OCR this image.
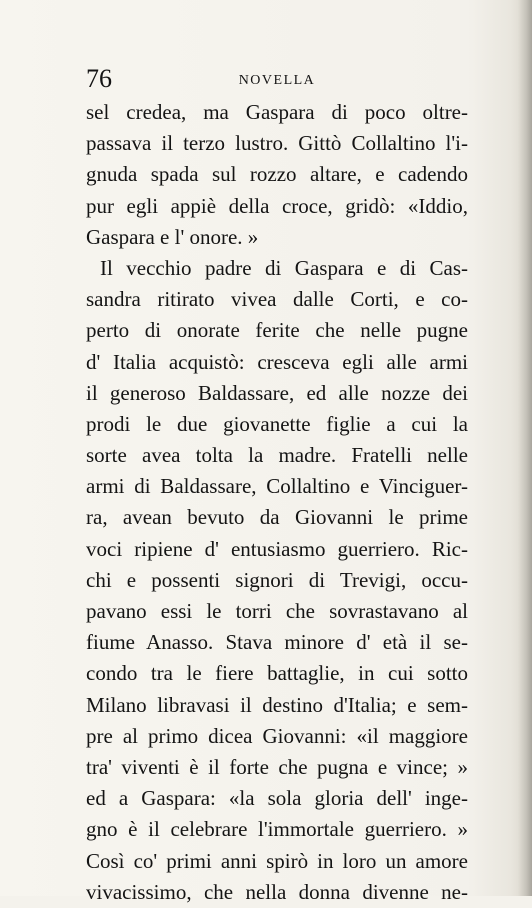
76	NOVELLA
sel credea, ma Gaspara di poco oltre-
passava il terzo lustro. Gittò Collaltino l'i-
gnuda spada sul rozzo altare, e cadendo
pur egli appiè della croce, gridò: «Iddio,
Gaspara e l' onore. »
Il vecchio padre di Gaspara e di Cas-
sandra ritirato vivea dalle Corti, e co-
perto di onorate ferite che nelle pugne
d' Italia acquistò: cresceva egli alle armi
il generoso Baldassare, ed alle nozze dei
prodi le due giovanette figlie a cui la
sorte avea tolta la madre. Fratelli nelle
armi di Baldassare, Collaltino e Vinciguer-
ra, avean bevuto da Giovanni le prime
voci ripiene d' entusiasmo guerriero. Ric-
chi e possenti signori di Trevigi, occu-
pavano essi le torri che sovrastavano al
fiume Anasso. Stava minore d' età il se-
condo tra le fiere battaglie, in cui sotto
Milano libravasi il destino d'Italia; e sem-
pre al primo dicea Giovanni: «il maggiore
tra' viventi è il forte che pugna e vince; »
ed a Gaspara: «la sola gloria dell' inge-
gno è il celebrare l'immortale guerriero. »
Così co' primi anni spirò in loro un amore
vivacissimo, che nella donna divenne ne-
